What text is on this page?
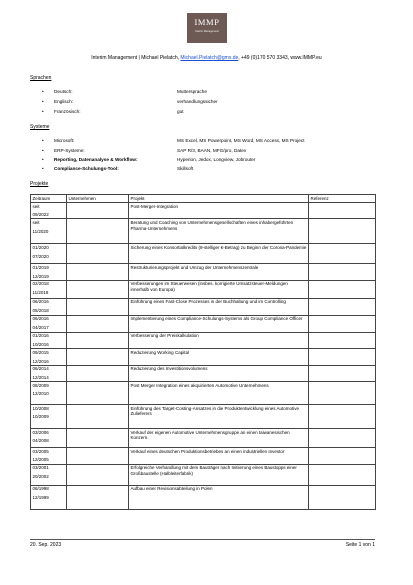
IMMP
Interim Management
Interim Management | Michael Pielatch, Michael.Pielatch@gmx.de, +49 (0)170 570 3343, www.IMMP.eu
Sprachen
• Deutsch:	Muttersprache
• Englisch:	verhandlungssicher
• Französisch:	gut
Systeme
• Microsoft:	MS Excel, MS Powerpoint, MS Word, MS Access, MS Project
• ERP-Systeme:	SAP R/3, BAAN, MFG/pro, Datev
• Reporting, Datenanalyse & Workflow:	Hyperion, Jedox, Longview, Jobrouter
• Compliance-Schulungs-Tool:	Skillsoft
Projekte
Zeitraum	Unternehmen	Projekt	Referenz

seit
09/2022		Post-Merger-Integration	

seit
11/2020		Beratung und Coaching von Unternehmensgesellschaften eines inhabergeführten Pharma-Unternehmens	

01/2020
07/2020		Sicherung eines Konsortialkredits (9-stelliger €-Betrag) zu Beginn der Corona-Pandemie	

01/2019
12/2019		Restrukturierungsprojekt und Umzug der Unternehmenszentrale	

02/2018
11/2018		Verbesserungen im Steuerwesen (insbes. korrigierte Umsatzsteuer-Meldungen innerhalb von Europa)	

06/2016
05/2018		Einführung eines Fast-Close Prozesses in der Buchhaltung und im Controlling	

06/2016
04/2017		Implementierung eines Compliance-Schulungs-Systems als Group Compliance Officer	

01/2016
10/2016		Verbesserung der Preiskalkulation	

09/2015
12/2016		Reduzierung Working Capital	

06/2014
12/2014		Reduzierung des Investitionsvolumens	

08/2009
12/2010		Post Merger Integration eines akquirierten Automotive Unternehmens	

10/2008
10/2009		Einführung des Target-Costing-Ansatzes in die Produktentwicklung eines Automotive Zulieferers	

03/2006
04/2008		Verkauf der eigenen Automotive Unternehmensgruppe an einen taiwanesischen Konzern.	

03/2005
12/2005		Verkauf eines deutschen Produktionsbetriebes an einen industriellen Investor	

03/2001
20/2002		Erfolgreiche Verhandlung mit dem Bauträger nach Initiierung eines Baustopps einer Großbaustelle (Halbleiterfabrik)	

06/1998
12/1999		Aufbau einer Revisionsabteilung in Polen	
20. Sep. 2023	Seite 1 von 1
